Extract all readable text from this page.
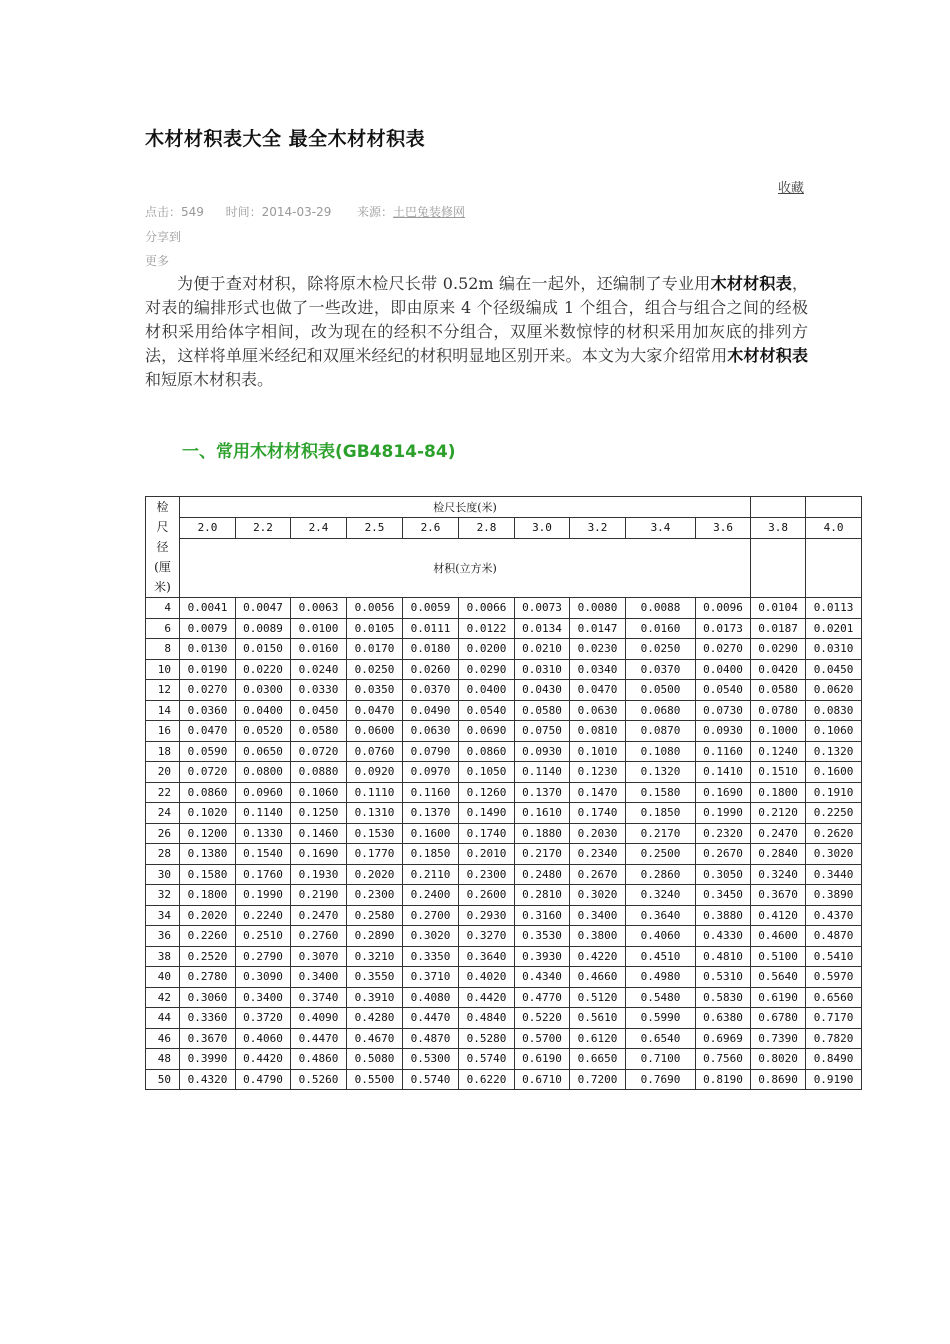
木材材积表大全 最全木材材积表
收藏
点击：549 时间：2014-03-29 来源：土巴兔装修网
分享到
更多

为便于查对材积，除将原木检尺长带 0.52m 编在一起外，还编制了专业用木材材积表，对表的编排形式也做了一些改进，即由原来 4 个径级编成 1 个组合，组合与组合之间的经极材积采用给体字相间，改为现在的经积不分组合，双厘米数惊悖的材积采用加灰底的排列方法，这样将单厘米经纪和双厘米经纪的材积明显地区别开来。本文为大家介绍常用木材材积表和短原木材积表。

一、常用木材材积表(GB4814-84)
检
尺
径
(厘
米)	检尺长度(米)											
	2.0	2.2	2.4	2.5	2.6	2.8	3.0	3.2	3.4	3.6	3.8	4.0
	材积(立方米)											
4	0.0041	0.0047	0.0063	0.0056	0.0059	0.0066	0.0073	0.0080	0.0088	0.0096	0.0104	0.0113
6	0.0079	0.0089	0.0100	0.0105	0.0111	0.0122	0.0134	0.0147	0.0160	0.0173	0.0187	0.0201
8	0.0130	0.0150	0.0160	0.0170	0.0180	0.0200	0.0210	0.0230	0.0250	0.0270	0.0290	0.0310
10	0.0190	0.0220	0.0240	0.0250	0.0260	0.0290	0.0310	0.0340	0.0370	0.0400	0.0420	0.0450
12	0.0270	0.0300	0.0330	0.0350	0.0370	0.0400	0.0430	0.0470	0.0500	0.0540	0.0580	0.0620
14	0.0360	0.0400	0.0450	0.0470	0.0490	0.0540	0.0580	0.0630	0.0680	0.0730	0.0780	0.0830
16	0.0470	0.0520	0.0580	0.0600	0.0630	0.0690	0.0750	0.0810	0.0870	0.0930	0.1000	0.1060
18	0.0590	0.0650	0.0720	0.0760	0.0790	0.0860	0.0930	0.1010	0.1080	0.1160	0.1240	0.1320
20	0.0720	0.0800	0.0880	0.0920	0.0970	0.1050	0.1140	0.1230	0.1320	0.1410	0.1510	0.1600
22	0.0860	0.0960	0.1060	0.1110	0.1160	0.1260	0.1370	0.1470	0.1580	0.1690	0.1800	0.1910
24	0.1020	0.1140	0.1250	0.1310	0.1370	0.1490	0.1610	0.1740	0.1850	0.1990	0.2120	0.2250
26	0.1200	0.1330	0.1460	0.1530	0.1600	0.1740	0.1880	0.2030	0.2170	0.2320	0.2470	0.2620
28	0.1380	0.1540	0.1690	0.1770	0.1850	0.2010	0.2170	0.2340	0.2500	0.2670	0.2840	0.3020
30	0.1580	0.1760	0.1930	0.2020	0.2110	0.2300	0.2480	0.2670	0.2860	0.3050	0.3240	0.3440
32	0.1800	0.1990	0.2190	0.2300	0.2400	0.2600	0.2810	0.3020	0.3240	0.3450	0.3670	0.3890
34	0.2020	0.2240	0.2470	0.2580	0.2700	0.2930	0.3160	0.3400	0.3640	0.3880	0.4120	0.4370
36	0.2260	0.2510	0.2760	0.2890	0.3020	0.3270	0.3530	0.3800	0.4060	0.4330	0.4600	0.4870
38	0.2520	0.2790	0.3070	0.3210	0.3350	0.3640	0.3930	0.4220	0.4510	0.4810	0.5100	0.5410
40	0.2780	0.3090	0.3400	0.3550	0.3710	0.4020	0.4340	0.4660	0.4980	0.5310	0.5640	0.5970
42	0.3060	0.3400	0.3740	0.3910	0.4080	0.4420	0.4770	0.5120	0.5480	0.5830	0.6190	0.6560
44	0.3360	0.3720	0.4090	0.4280	0.4470	0.4840	0.5220	0.5610	0.5990	0.6380	0.6780	0.7170
46	0.3670	0.4060	0.4470	0.4670	0.4870	0.5280	0.5700	0.6120	0.6540	0.6969	0.7390	0.7820
48	0.3990	0.4420	0.4860	0.5080	0.5300	0.5740	0.6190	0.6650	0.7100	0.7560	0.8020	0.8490
50	0.4320	0.4790	0.5260	0.5500	0.5740	0.6220	0.6710	0.7200	0.7690	0.8190	0.8690	0.9190
